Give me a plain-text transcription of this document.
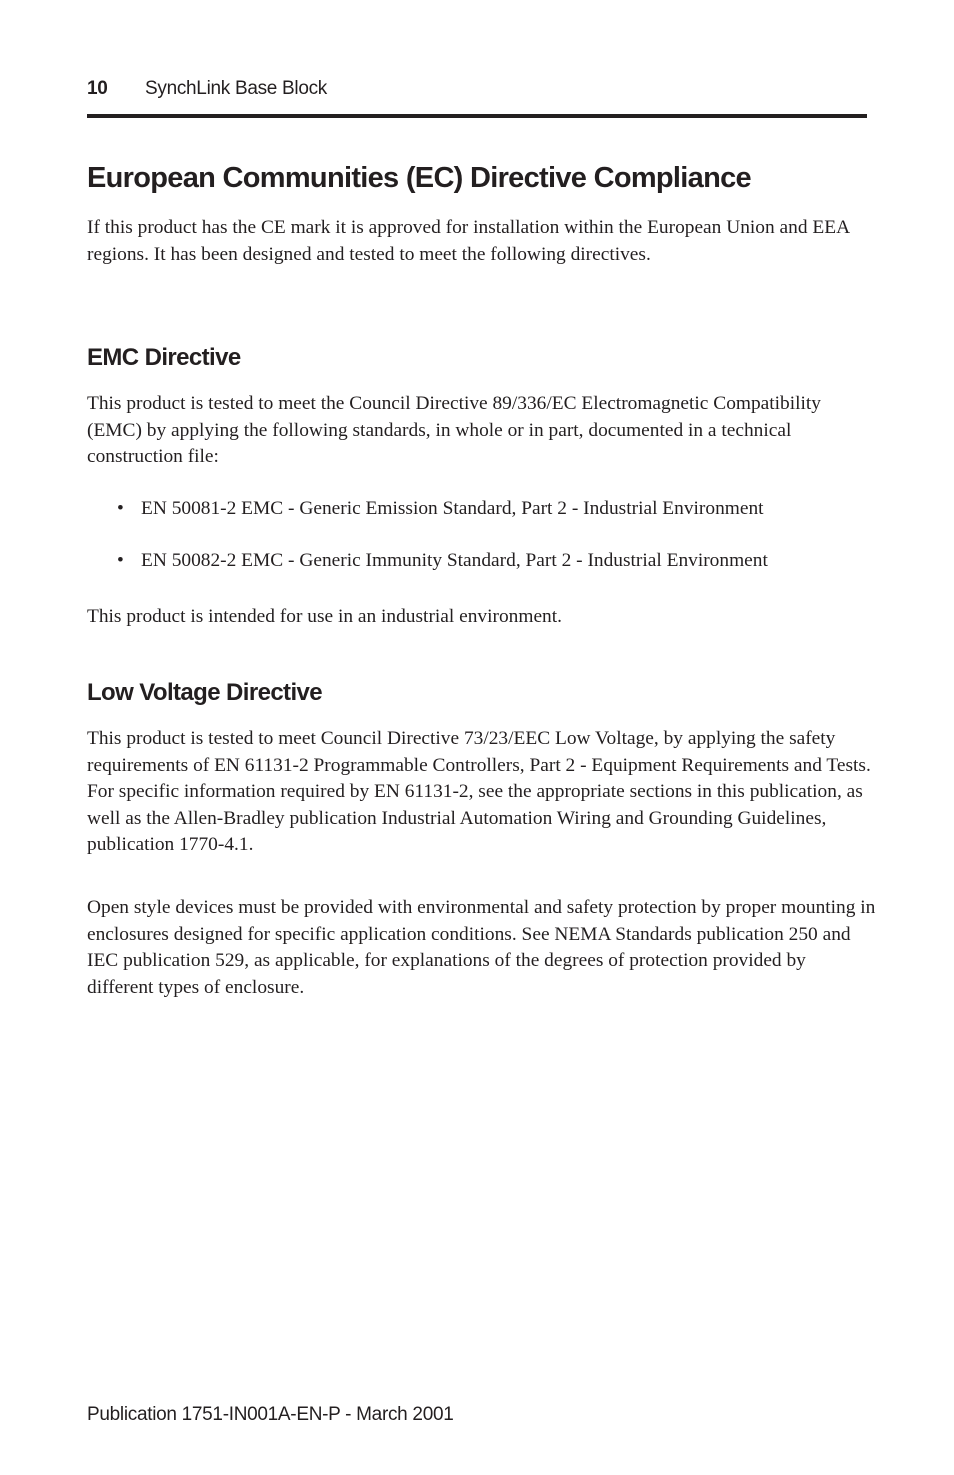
10 SynchLink Base Block
European Communities (EC) Directive Compliance

If this product has the CE mark it is approved for installation within the European Union and EEA regions. It has been designed and tested to meet the following directives.

EMC Directive

This product is tested to meet the Council Directive 89/336/EC Electromagnetic Compatibility (EMC) by applying the following standards, in whole or in part, documented in a technical construction file:

• EN 50081-2 EMC - Generic Emission Standard, Part 2 - Industrial Environment
• EN 50082-2 EMC - Generic Immunity Standard, Part 2 - Industrial Environment

This product is intended for use in an industrial environment.

Low Voltage Directive

This product is tested to meet Council Directive 73/23/EEC Low Voltage, by applying the safety requirements of EN 61131-2 Programmable Controllers, Part 2 - Equipment Requirements and Tests. For specific information required by EN 61131-2, see the appropriate sections in this publication, as well as the Allen-Bradley publication Industrial Automation Wiring and Grounding Guidelines, publication 1770-4.1.

Open style devices must be provided with environmental and safety protection by proper mounting in enclosures designed for specific application conditions. See NEMA Standards publication 250 and IEC publication 529, as applicable, for explanations of the degrees of protection provided by different types of enclosure.

Publication 1751-IN001A-EN-P - March 2001
